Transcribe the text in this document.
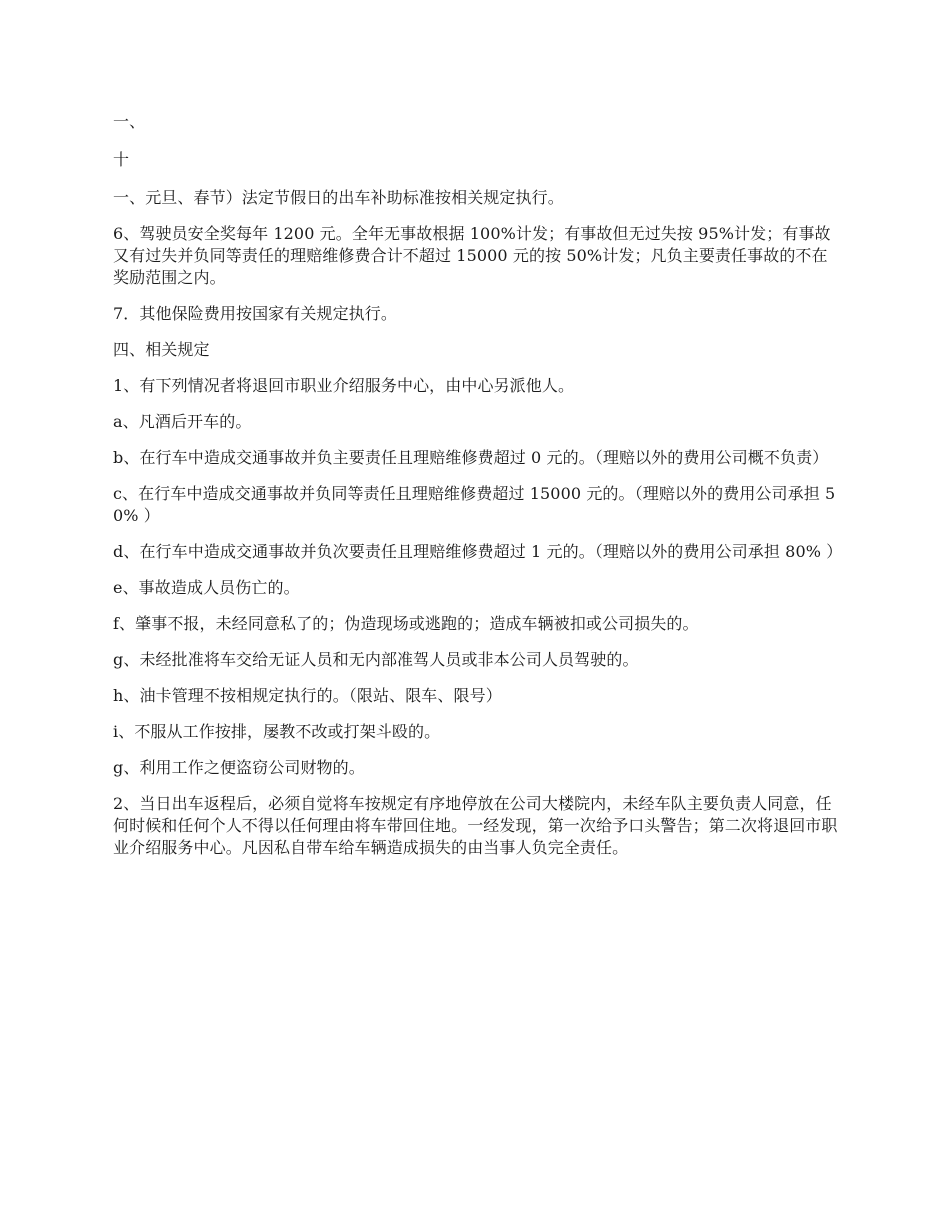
一、

十

一、元旦、春节）法定节假日的出车补助标准按相关规定执行。

6、驾驶员安全奖每年 1200 元。全年无事故根据 100%计发；有事故但无过失按 95%计发；有事故又有过失并负同等责任的理赔维修费合计不超过 15000 元的按 50%计发；凡负主要责任事故的不在奖励范围之内。

7．其他保险费用按国家有关规定执行。

四、相关规定

1、有下列情况者将退回市职业介绍服务中心，由中心另派他人。

a、凡酒后开车的。

b、在行车中造成交通事故并负主要责任且理赔维修费超过 0 元的。（理赔以外的费用公司概不负责）

c、在行车中造成交通事故并负同等责任且理赔维修费超过 15000 元的。（理赔以外的费用公司承担 50% ）

d、在行车中造成交通事故并负次要责任且理赔维修费超过 1 元的。（理赔以外的费用公司承担 80% ）

e、事故造成人员伤亡的。

f、肇事不报，未经同意私了的；伪造现场或逃跑的；造成车辆被扣或公司损失的。

g、未经批准将车交给无证人员和无内部准驾人员或非本公司人员驾驶的。

h、油卡管理不按相规定执行的。（限站、限车、限号）

i、不服从工作按排，屡教不改或打架斗殴的。

g、利用工作之便盗窃公司财物的。

2、当日出车返程后，必须自觉将车按规定有序地停放在公司大楼院内，未经车队主要负责人同意，任何时候和任何个人不得以任何理由将车带回住地。一经发现，第一次给予口头警告；第二次将退回市职业介绍服务中心。凡因私自带车给车辆造成损失的由当事人负完全责任。
